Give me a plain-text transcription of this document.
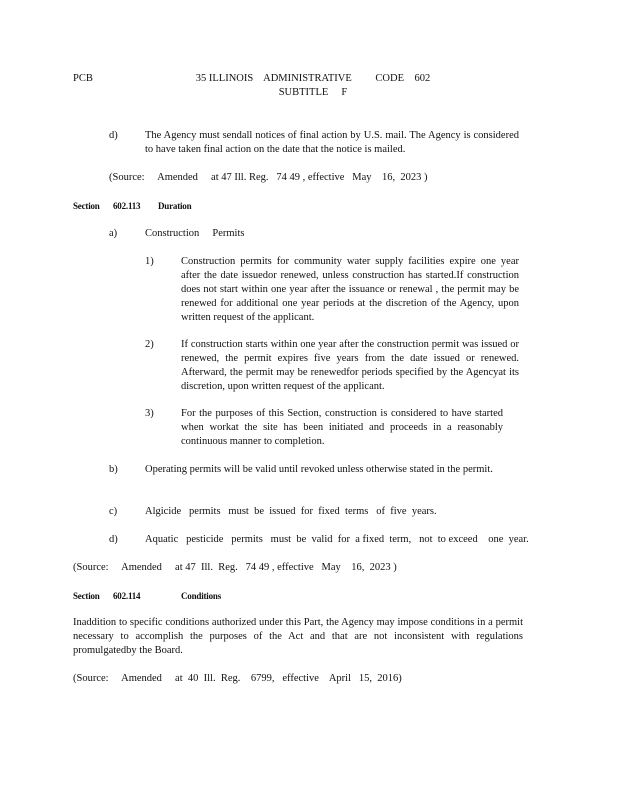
PCB	35 ILLINOIS    ADMINISTRATIVE         CODE    602
SUBTITLE     F
d)	The Agency must sendall notices of final action by U.S. mail. The Agency is considered to have taken final action on the date that the notice is mailed.
(Source:     Amended     at 47 Ill. Reg.   74 49 , effective   May    16,  2023 )
Section 602.113 Duration
a)	Construction     Permits
1)	Construction permits for community water supply facilities expire one year after the date issuedor renewed, unless construction has started.If construction does not start within one year after the issuance or renewal , the permit may be renewed for additional one year periods at the discretion of the Agency, upon written request of the applicant.
2)	If construction starts within one year after the construction permit was issued or renewed, the permit expires five years from the date issued or renewed. Afterward, the permit may be renewedfor periods specified by the Agencyat its discretion, upon written request of the applicant.
3)	For the purposes of this Section, construction is considered to have started when workat the site has been initiated and proceeds in a reasonably continuous manner to completion.
b)	Operating permits will be valid until revoked unless otherwise stated in the permit.
c)	Algicide   permits   must  be  issued  for  fixed  terms   of  five  years.
d)	Aquatic   pesticide   permits   must  be  valid  for  a fixed  term,   not  to exceed    one  year.
(Source:     Amended     at 47  Ill.  Reg.   74 49 , effective   May    16,  2023 )
Section 602.114	Conditions
Inaddition to specific conditions authorized under this Part, the Agency may impose conditions in a permit necessary to accomplish the purposes of the Act and that are not inconsistent with regulations promulgatedby the Board.
(Source:     Amended     at  40  Ill.  Reg.    6799,   effective    April   15,  2016)
